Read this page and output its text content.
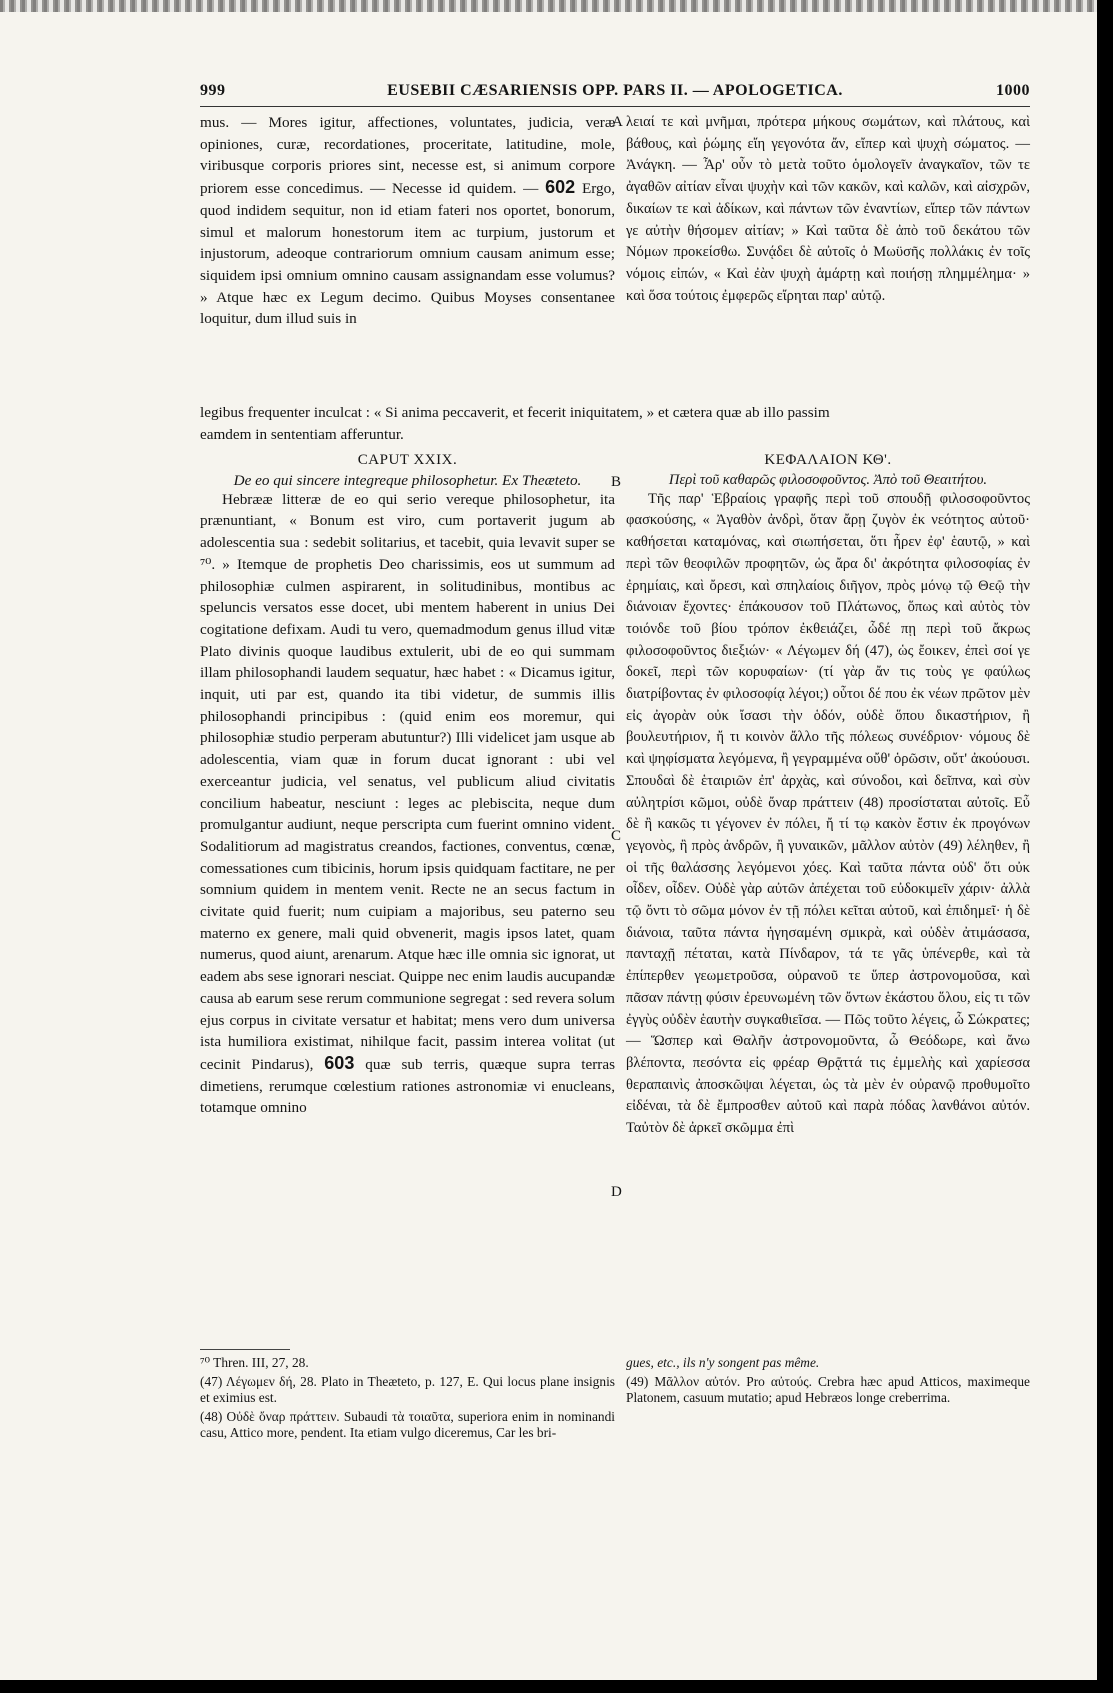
999	EUSEBII CÆSARIENSIS OPP. PARS II. — APOLOGETICA.	1000
A
B
C
D

mus. — Mores igitur, affectiones, voluntates, judicia, veræ opiniones, curæ, recordationes, proceritate, latitudine, mole, viribusque corporis priores sint, necesse est, si animum corpore priorem esse concedimus. — Necesse id quidem. — 602 Ergo, quod indidem sequitur, non id etiam fateri nos oportet, bonorum, simul et malorum honestorum item ac turpium, justorum et injustorum, adeoque contrariorum omnium causam animum esse; siquidem ipsi omnium omnino causam assignandam esse volumus? » Atque hæc ex Legum decimo. Quibus Moyses consentanee loquitur, dum illud suis in

λειαί τε καὶ μνῆμαι, πρότερα μήκους σωμάτων, καὶ πλάτους, καὶ βάθους, καὶ ῥώμης εἴη γεγονότα ἄν, εἴπερ καὶ ψυχὴ σώματος. — Ἀνάγκη. — Ἆρ' οὖν τὸ μετὰ τοῦτο ὁμολογεῖν ἀναγκαῖον, τῶν τε ἀγαθῶν αἰτίαν εἶναι ψυχὴν καὶ τῶν κακῶν, καὶ καλῶν, καὶ αἰσχρῶν, δικαίων τε καὶ ἀδίκων, καὶ πάντων τῶν ἐναντίων, εἴπερ τῶν πάντων γε αὐτὴν θήσομεν αἰτίαν; » Καὶ ταῦτα δὲ ἀπὸ τοῦ δεκάτου τῶν Νόμων προκείσθω. Συνᾴδει δὲ αὐτοῖς ὁ Μωϋσῆς πολλάκις ἐν τοῖς νόμοις εἰπών, « Καὶ ἐὰν ψυχὴ ἁμάρτῃ καὶ ποιήσῃ πλημμέλημα· » καὶ ὅσα τούτοις ἐμφερῶς εἴρηται παρ' αὐτῷ.

legibus frequenter inculcat : « Si anima peccaverit, et fecerit iniquitatem, » et cætera quæ ab illo passim

eamdem in sententiam afferuntur.

CAPUT XXIX.

De eo qui sincere integreque philosophetur. Ex Theæteto.

Hebrææ litteræ de eo qui serio vereque philosophetur, ita prænuntiant, « Bonum est viro, cum portaverit jugum ab adolescentia sua : sedebit solitarius, et tacebit, quia levavit super se ⁷⁰. » Itemque de prophetis Deo charissimis, eos ut summum ad philosophiæ culmen aspirarent, in solitudinibus, montibus ac speluncis versatos esse docet, ubi mentem haberent in unius Dei cogitatione defixam. Audi tu vero, quemadmodum genus illud vitæ Plato divinis quoque laudibus extulerit, ubi de eo qui summam illam philosophandi laudem sequatur, hæc habet : « Dicamus igitur, inquit, uti par est, quando ita tibi videtur, de summis illis philosophandi principibus : (quid enim eos moremur, qui philosophiæ studio perperam abutuntur?) Illi videlicet jam usque ab adolescentia, viam quæ in forum ducat ignorant : ubi vel exerceantur judicia, vel senatus, vel publicum aliud civitatis concilium habeatur, nesciunt : leges ac plebiscita, neque dum promulgantur audiunt, neque perscripta cum fuerint omnino vident. Sodalitiorum ad magistratus creandos, factiones, conventus, cœnæ, comessationes cum tibicinis, horum ipsis quidquam factitare, ne per somnium quidem in mentem venit. Recte ne an secus factum in civitate quid fuerit; num cuipiam a majoribus, seu paterno seu materno ex genere, mali quid obvenerit, magis ipsos latet, quam numerus, quod aiunt, arenarum. Atque hæc ille omnia sic ignorat, ut eadem abs sese ignorari nesciat. Quippe nec enim laudis aucupandæ causa ab earum sese rerum communione segregat : sed revera solum ejus corpus in civitate versatur et habitat; mens vero dum universa ista humiliora existimat, nihilque facit, passim interea volitat (ut cecinit Pindarus), 603 quæ sub terris, quæque supra terras dimetiens, rerumque cœlestium rationes astronomiæ vi enucleans, totamque omnino

ΚΕΦΑΛΑΙΟΝ ΚΘ'.

Περὶ τοῦ καθαρῶς φιλοσοφοῦντος. Ἀπὸ τοῦ Θεαιτήτου.

Τῆς παρ' Ἑβραίοις γραφῆς περὶ τοῦ σπουδῇ φιλοσοφοῦντος φασκούσης, « Ἀγαθὸν ἀνδρὶ, ὅταν ἄρῃ ζυγὸν ἐκ νεότητος αὐτοῦ· καθήσεται καταμόνας, καὶ σιωπήσεται, ὅτι ἦρεν ἐφ' ἑαυτῷ, » καὶ περὶ τῶν θεοφιλῶν προφητῶν, ὡς ἄρα δι' ἀκρότητα φιλοσοφίας ἐν ἐρημίαις, καὶ ὄρεσι, καὶ σπηλαίοις διῆγον, πρὸς μόνῳ τῷ Θεῷ τὴν διάνοιαν ἔχοντες· ἐπάκουσον τοῦ Πλάτωνος, ὅπως καὶ αὐτὸς τὸν τοιόνδε τοῦ βίου τρόπον ἐκθειάζει, ὧδέ πῃ περὶ τοῦ ἄκρως φιλοσοφοῦντος διεξιών· « Λέγωμεν δή (47), ὡς ἔοικεν, ἐπεὶ σοί γε δοκεῖ, περὶ τῶν κορυφαίων· (τί γὰρ ἄν τις τοὺς γε φαύλως διατρίβοντας ἐν φιλοσοφίᾳ λέγοι;) οὗτοι δέ που ἐκ νέων πρῶτον μὲν εἰς ἀγορὰν οὐκ ἴσασι τὴν ὁδόν, οὐδὲ ὅπου δικαστήριον, ἢ βουλευτήριον, ἤ τι κοινὸν ἄλλο τῆς πόλεως συνέδριον· νόμους δὲ καὶ ψηφίσματα λεγόμενα, ἢ γεγραμμένα οὔθ' ὁρῶσιν, οὔτ' ἀκούουσι. Σπουδαὶ δὲ ἑταιριῶν ἐπ' ἀρχὰς, καὶ σύνοδοι, καὶ δεῖπνα, καὶ σὺν αὐλητρίσι κῶμοι, οὐδὲ ὄναρ πράττειν (48) προσίσταται αὐτοῖς. Εὖ δὲ ἢ κακῶς τι γέγονεν ἐν πόλει, ἤ τί τῳ κακὸν ἔστιν ἐκ προγόνων γεγονὸς, ἢ πρὸς ἀνδρῶν, ἢ γυναικῶν, μᾶλλον αὐτὸν (49) λέληθεν, ἢ οἱ τῆς θαλάσσης λεγόμενοι χόες. Καὶ ταῦτα πάντα οὐδ' ὅτι οὐκ οἶδεν, οἶδεν. Οὐδὲ γὰρ αὐτῶν ἀπέχεται τοῦ εὐδοκιμεῖν χάριν· ἀλλὰ τῷ ὄντι τὸ σῶμα μόνον ἐν τῇ πόλει κεῖται αὐτοῦ, καὶ ἐπιδημεῖ· ἡ δὲ διάνοια, ταῦτα πάντα ἡγησαμένη σμικρὰ, καὶ οὐδὲν ἀτιμάσασα, πανταχῇ πέταται, κατὰ Πίνδαρον, τά τε γᾶς ὑπένερθε, καὶ τὰ ἐπίπερθεν γεωμετροῦσα, οὐρανοῦ τε ὕπερ ἀστρονομοῦσα, καὶ πᾶσαν πάντῃ φύσιν ἐρευνωμένη τῶν ὄντων ἑκάστου ὅλου, εἰς τι τῶν ἐγγὺς οὐδὲν ἑαυτὴν συγκαθιεῖσα. — Πῶς τοῦτο λέγεις, ὦ Σώκρατες; — Ὥσπερ καὶ Θαλῆν ἀστρονομοῦντα, ὦ Θεόδωρε, καὶ ἄνω βλέποντα, πεσόντα εἰς φρέαρ Θρᾷττά τις ἐμμελὴς καὶ χαρίεσσα θεραπαινὶς ἀποσκῶψαι λέγεται, ὡς τὰ μὲν ἐν οὐρανῷ προθυμοῖτο εἰδέναι, τὰ δὲ ἔμπροσθεν αὐτοῦ καὶ παρὰ πόδας λανθάνοι αὐτόν. Ταὐτὸν δὲ ἀρκεῖ σκῶμμα ἐπὶ

⁷⁰ Thren. III, 27, 28.

(47) Λέγωμεν δή, 28. Plato in Theæteto, p. 127, E. Qui locus plane insignis et eximius est.

(48) Οὐδὲ ὄναρ πράττειν. Subaudi τὰ τοιαῦτα, superiora enim in nominandi casu, Attico more, pendent. Ita etiam vulgo diceremus, Car les bri-

gues, etc., ils n'y songent pas même.

(49) Μᾶλλον αὐτόν. Pro αὐτούς. Crebra hæc apud Atticos, maximeque Platonem, casuum mutatio; apud Hebræos longe creberrima.
